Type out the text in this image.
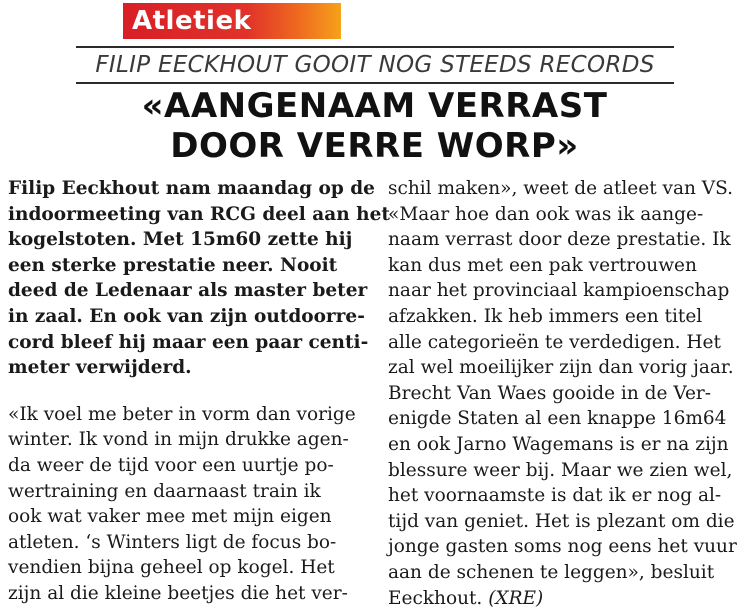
Atletiek
FILIP EECKHOUT GOOIT NOG STEEDS RECORDS
«AANGENAAM VERRAST
DOOR VERRE WORP»
Filip Eeckhout nam maandag op de
indoormeeting van RCG deel aan het
kogelstoten. Met 15m60 zette hij
een sterke prestatie neer. Nooit
deed de Ledenaar als master beter
in zaal. En ook van zijn outdoorre-
cord bleef hij maar een paar centi-
meter verwijderd.
«Ik voel me beter in vorm dan vorige
winter. Ik vond in mijn drukke agen-
da weer de tijd voor een uurtje po-
wertraining en daarnaast train ik
ook wat vaker mee met mijn eigen
atleten. ‘s Winters ligt de focus bo-
vendien bijna geheel op kogel. Het
zijn al die kleine beetjes die het ver-
schil maken», weet de atleet van VS.
«Maar hoe dan ook was ik aange-
naam verrast door deze prestatie. Ik
kan dus met een pak vertrouwen
naar het provinciaal kampioenschap
afzakken. Ik heb immers een titel
alle categorieën te verdedigen. Het
zal wel moeilijker zijn dan vorig jaar.
Brecht Van Waes gooide in de Ver-
enigde Staten al een knappe 16m64
en ook Jarno Wagemans is er na zijn
blessure weer bij. Maar we zien wel,
het voornaamste is dat ik er nog al-
tijd van geniet. Het is plezant om die
jonge gasten soms nog eens het vuur
aan de schenen te leggen», besluit
Eeckhout. (XRE)
